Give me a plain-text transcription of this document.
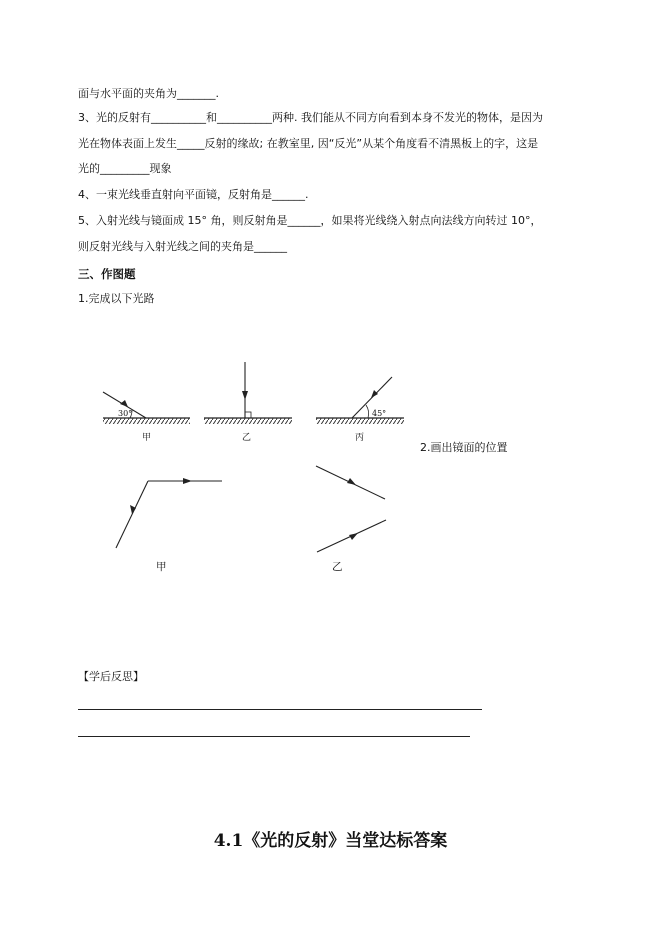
面与水平面的夹角为_______.
3、光的反射有__________和__________两种. 我们能从不同方向看到本身不发光的物体，是因为
光在物体表面上发生_____反射的缘故; 在教室里, 因“反光”从某个角度看不清黑板上的字，这是
光的_________现象
4、一束光线垂直射向平面镜，反射角是______.
5、入射光线与镜面成 15° 角，则反射角是______，如果将光线绕入射点向法线方向转过 10°，
则反射光线与入射光线之间的夹角是______
三、作图题
1.完成以下光路
2.画出镜面的位置
30°	45°
甲	乙	丙
甲	乙
【学后反思】
4.1《光的反射》当堂达标答案
